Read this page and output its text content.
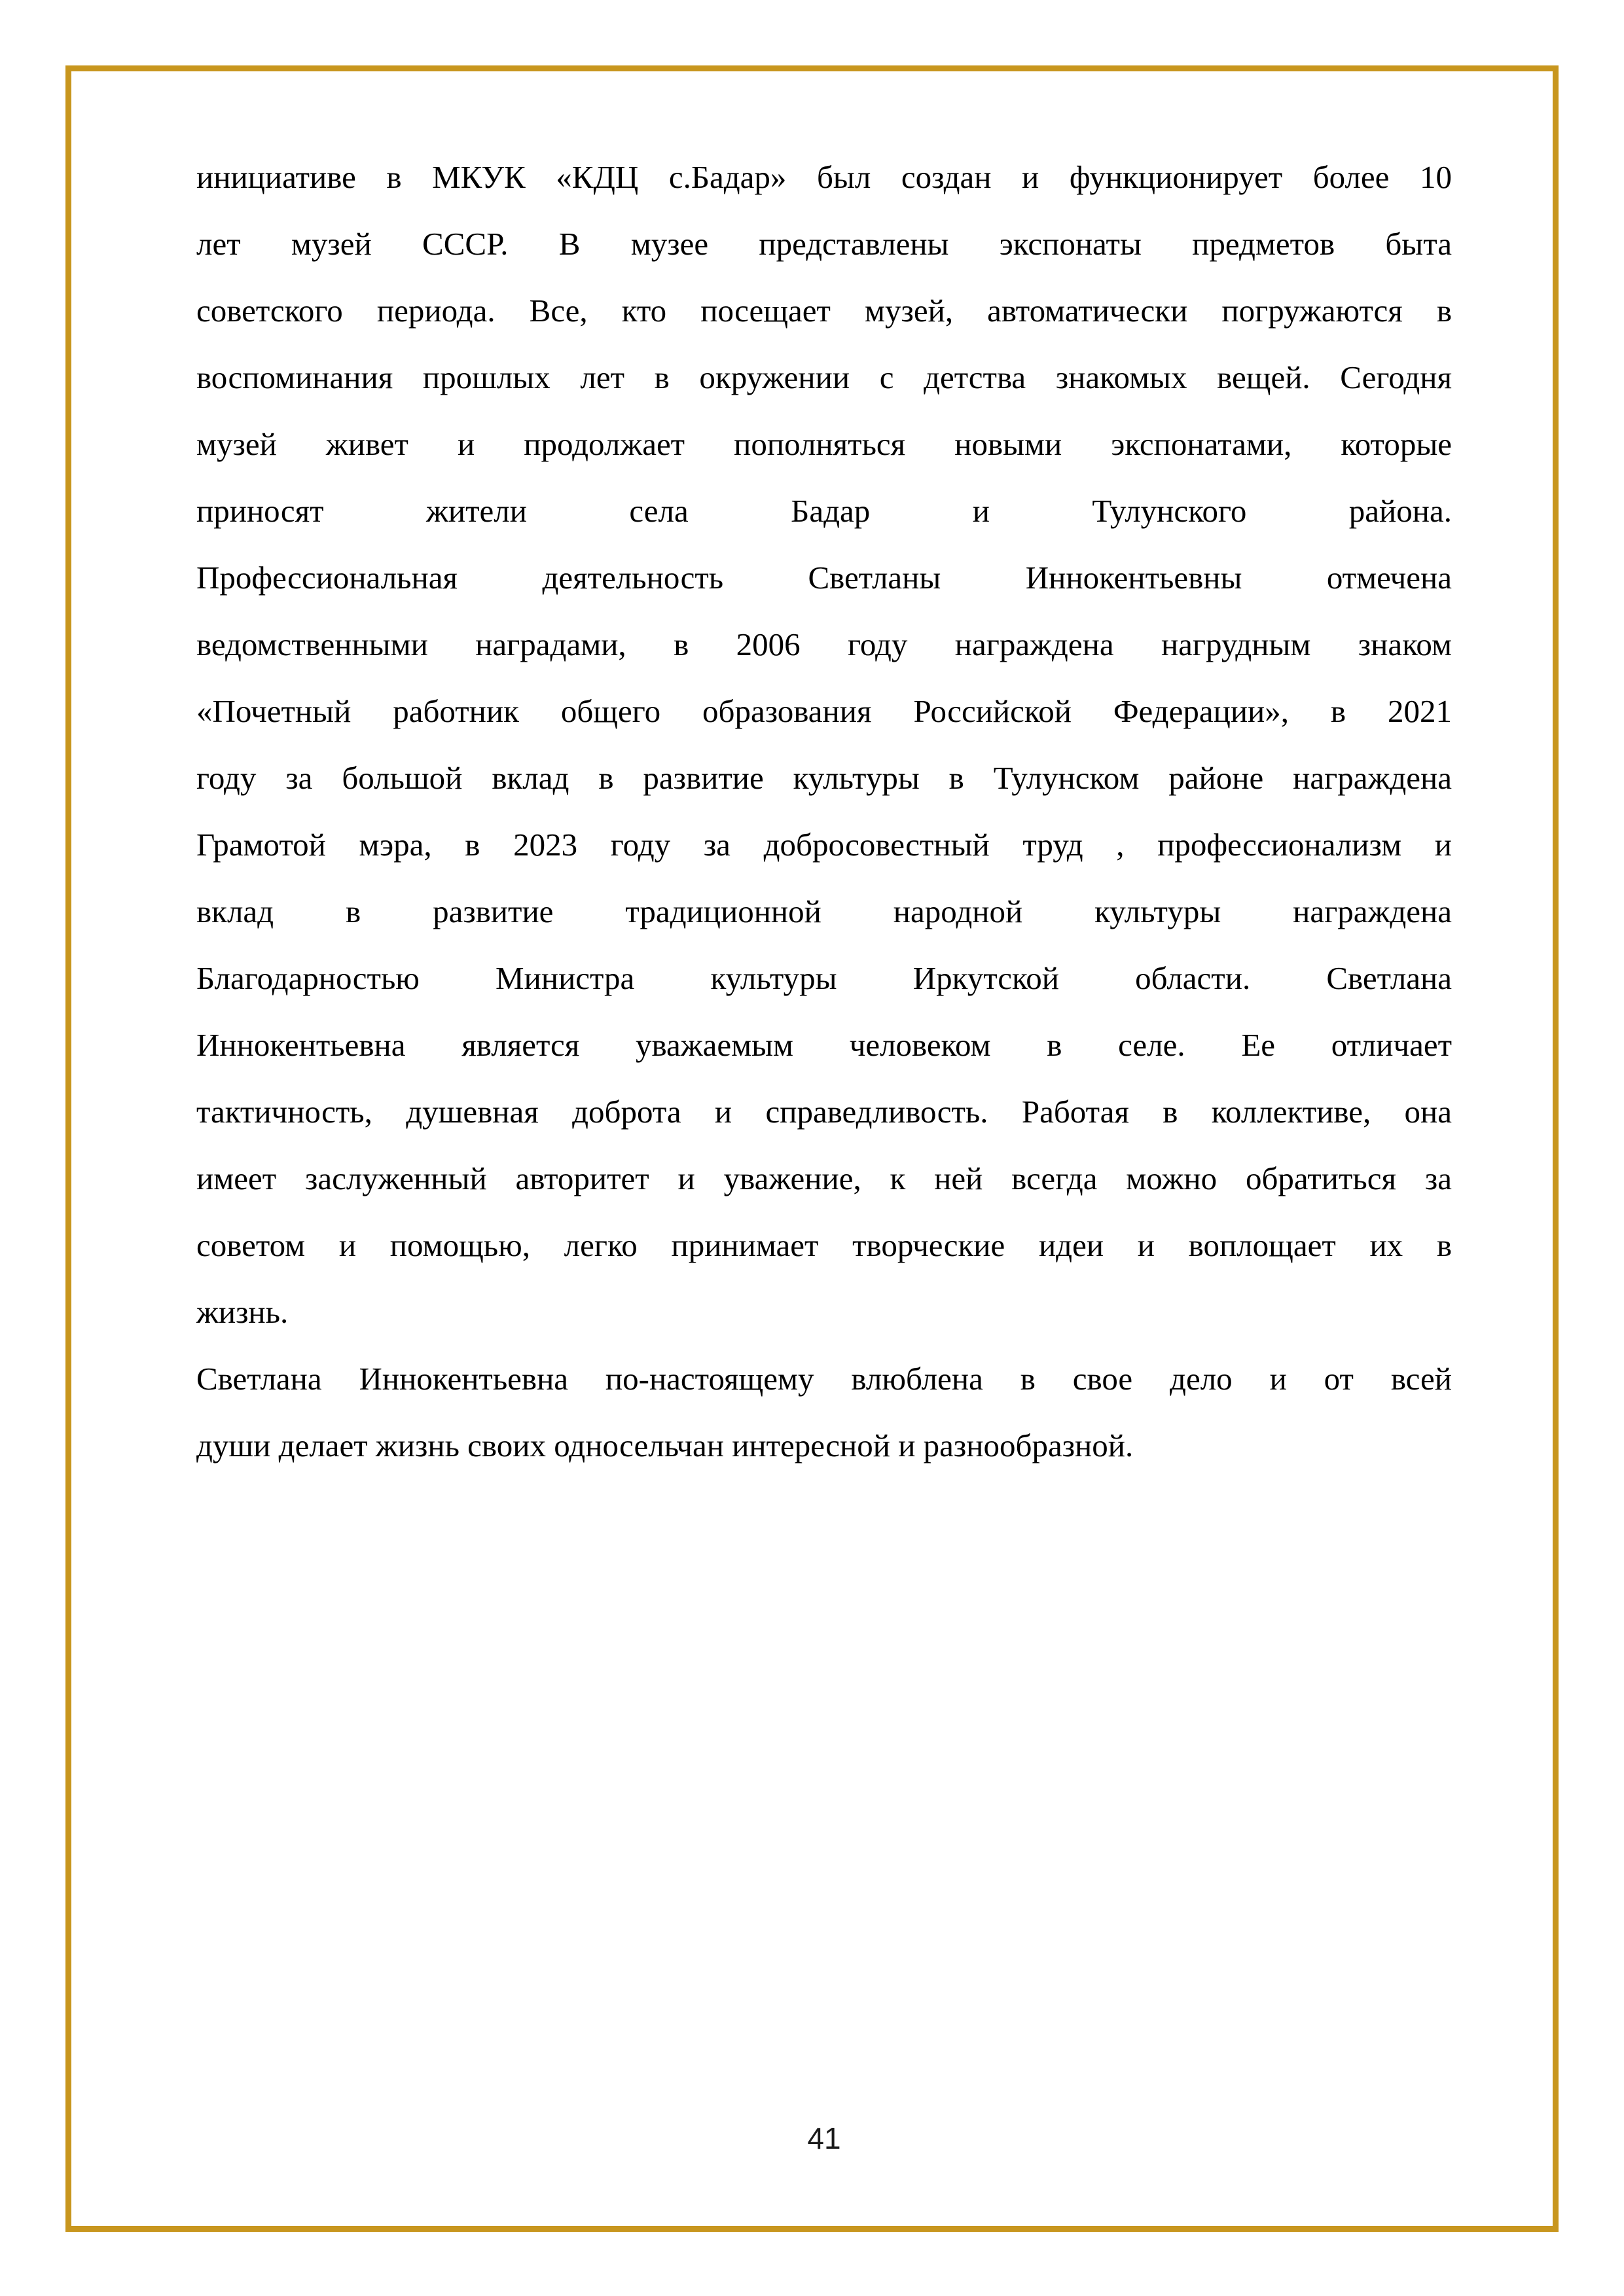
инициативе в МКУК «КДЦ с.Бадар» был создан и функционирует более 10
лет музей СССР. В музее представлены экспонаты предметов быта
советского периода. Все, кто посещает музей, автоматически погружаются в
воспоминания прошлых лет в окружении с детства знакомых вещей. Сегодня
музей живет и продолжает пополняться новыми экспонатами, которые
приносят жители села Бадар и Тулунского района.
Профессиональная деятельность Светланы Иннокентьевны отмечена
ведомственными наградами, в 2006 году награждена нагрудным знаком
«Почетный работник общего образования Российской Федерации», в 2021
году за большой вклад в развитие культуры в Тулунском районе награждена
Грамотой мэра, в 2023 году за добросовестный труд , профессионализм и
вклад в развитие традиционной народной культуры награждена
Благодарностью Министра культуры Иркутской области. Светлана
Иннокентьевна является уважаемым человеком в селе. Ее отличает
тактичность, душевная доброта и справедливость. Работая в коллективе, она
имеет заслуженный авторитет и уважение, к ней всегда можно обратиться за
советом и помощью, легко принимает творческие идеи и воплощает их в
жизнь.
Светлана Иннокентьевна по-настоящему влюблена в свое дело и от всей
души делает жизнь своих односельчан интересной и разнообразной.
41
